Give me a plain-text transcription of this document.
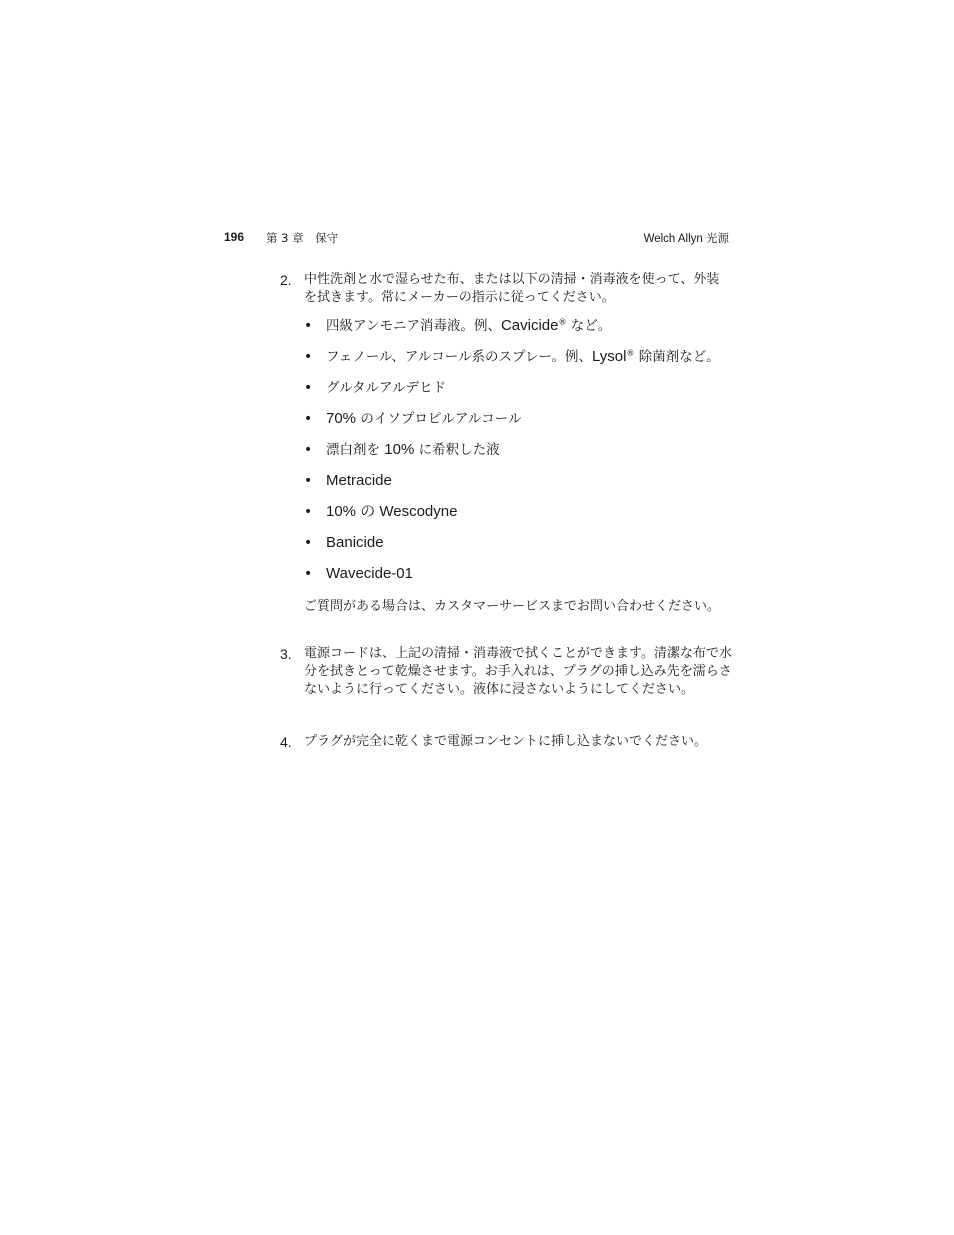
196 第 3 章　保守	Welch Allyn 光源
2. 中性洗剤と水で湿らせた布、または以下の清掃・消毒液を使って、外装を拭きます。常にメーカーの指示に従ってください。
• 四級アンモニア消毒液。例、Cavicide® など。
• フェノール、アルコール系のスプレー。例、Lysol® 除菌剤など。
• グルタルアルデヒド
• 70% のイソプロピルアルコール
• 漂白剤を 10% に希釈した液
• Metracide
• 10% の Wescodyne
• Banicide
• Wavecide-01
ご質問がある場合は、カスタマーサービスまでお問い合わせください。
3. 電源コードは、上記の清掃・消毒液で拭くことができます。清潔な布で水分を拭きとって乾燥させます。お手入れは、プラグの挿し込み先を濡らさないように行ってください。液体に浸さないようにしてください。
4. プラグが完全に乾くまで電源コンセントに挿し込まないでください。
